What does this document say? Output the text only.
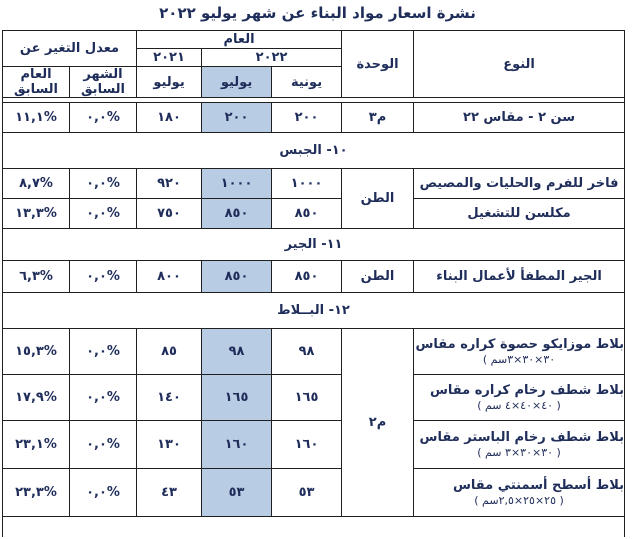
نشرة اسعار مواد البناء عن شهر يوليو ٢٠٢٢
النوع	الوحدة	العام			معدل التغير عن	
		٢٠٢٢		٢٠٢١		
		يونية	يوليو	يوليو	الشهر السابق	العام السابق

سن ٢ - مقاس ٢٢	م٣	٢٠٠	٢٠٠	١٨٠	%٠,٠	%١١,١
١٠- الجبس						
فاخر للفرم والحليات والمصيص	الطن	١٠٠٠	١٠٠٠	٩٢٠	%٠,٠	%٨,٧
مكلسن للتشغيل		٨٥٠	٨٥٠	٧٥٠	%٠,٠	%١٣,٣
١١- الجير						
الجير المطفأ لأعمال البناء	الطن	٨٥٠	٨٥٠	٨٠٠	%٠,٠	%٦,٣
١٢- البــلاط						

بلاط موزايكو حصوة كراره مقاس
٣٠×٣٠×٣سم )	م٢	٩٨	٩٨	٨٥	%٠,٠	%١٥,٣

بلاط شطف رخام كراره مقاس
( ٤٠×٤٠×٤ سم )		١٦٥	١٦٥	١٤٠	%٠,٠	%١٧,٩

بلاط شطف رخام الباستر مقاس
( ٣٠×٣٠×٣ سم )		١٦٠	١٦٠	١٣٠	%٠,٠	%٢٣,١

بلاط أسطح أسمنتي مقاس
( ٢٥×٢٥×٢,٥سم )		٥٣	٥٣	٤٣	%٠,٠	%٢٣,٣
